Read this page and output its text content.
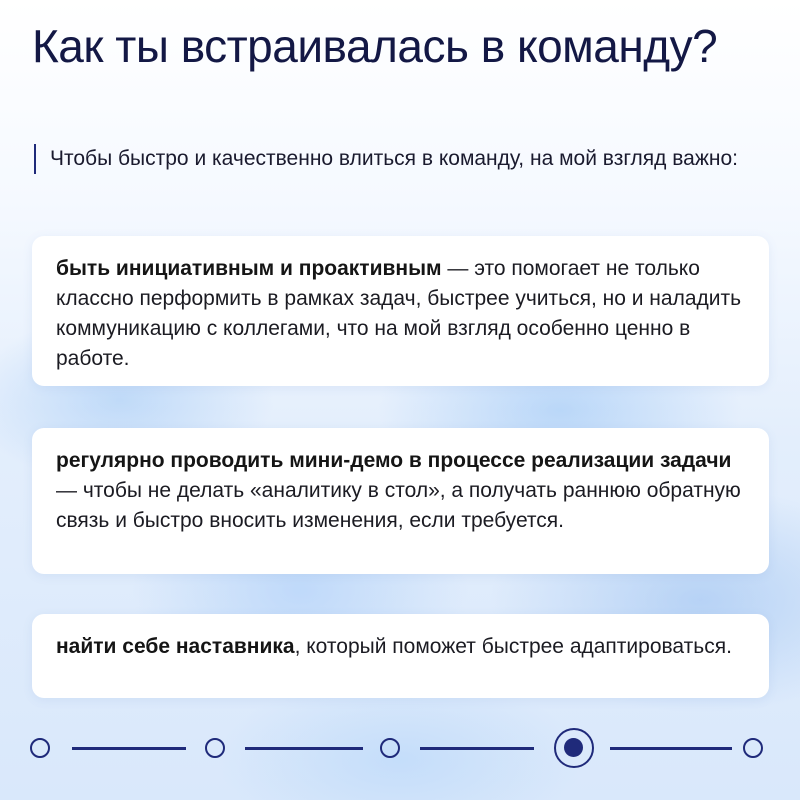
Как ты встраивалась в команду?
Чтобы быстро и качественно влиться в команду, на мой взгляд важно:
быть инициативным и проактивным — это помогает не только классно перформить в рамках задач, быстрее учиться, но и наладить коммуникацию с коллегами, что на мой взгляд особенно ценно в работе.
регулярно проводить мини-демо в процессе реализации задачи — чтобы не делать «аналитику в стол», а получать раннюю обратную связь и быстро вносить изменения, если требуется.
найти себе наставника, который поможет быстрее адаптироваться.
